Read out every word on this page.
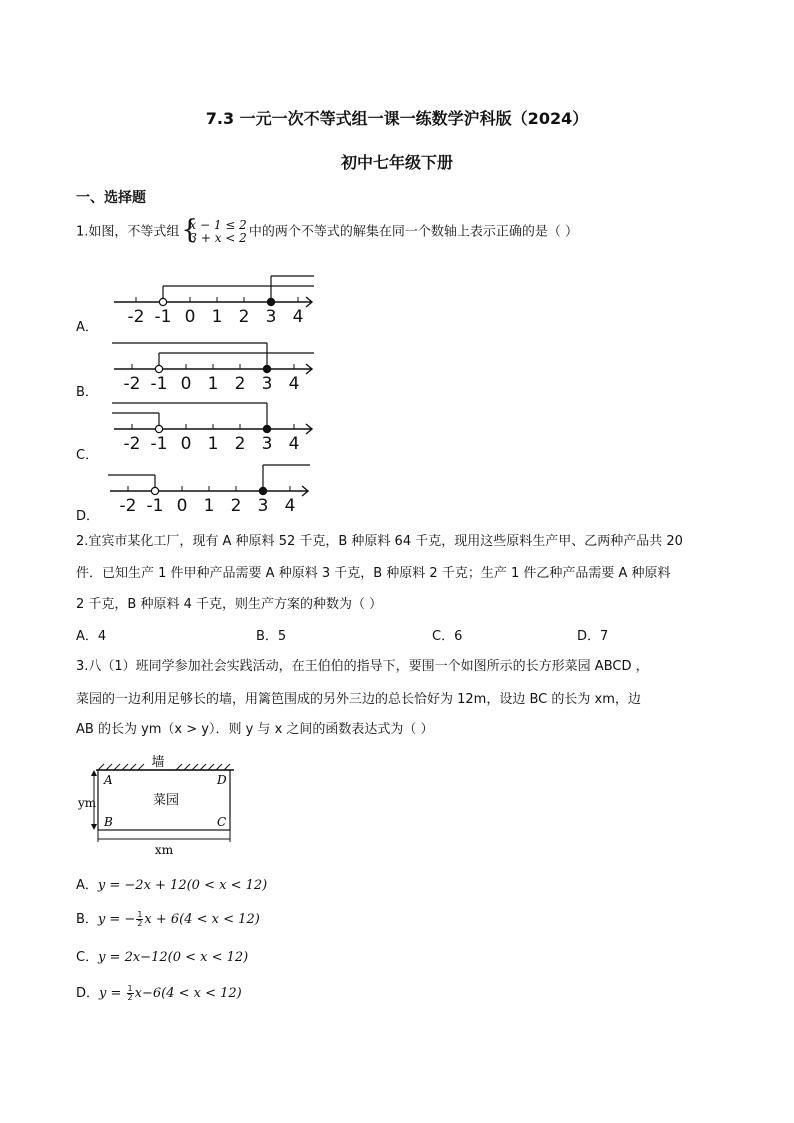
7.3 一元一次不等式组一课一练数学沪科版（2024）
初中七年级下册
一、选择题
1.如图，不等式组 {
x − 1 ≤ 2
3 + x < 2 中的两个不等式的解集在同一个数轴上表示正确的是（ ）
A．
-2 -1 0 1 2 3 4
B． -2 -1 0 1 2 3 4
C．
-2 -1 0 1 2 3 4
D．
-2 -1 0 1 2 3 4
2.宜宾市某化工厂，现有 A 种原料 52 千克，B 种原料 64 千克，现用这些原料生产甲、乙两种产品共 20
件．已知生产 1 件甲种产品需要 A 种原料 3 千克，B 种原料 2 千克；生产 1 件乙种产品需要 A 种原料
2 千克，B 种原料 4 千克，则生产方案的种数为（ ）
A．4	B．5	C．6	D．7
3.八（1）班同学参加社会实践活动，在王伯伯的指导下，要围一个如图所示的长方形菜园 ABCD ，
菜园的一边利用足够长的墙，用篱笆围成的另外三边的总长恰好为 12m，设边 BC 的长为 xm，边
AB 的长为 ym（x > y）．则 y 与 x 之间的函数表达式为（ ）
墙
A	D
B	C
菜园
ym
xm
A．y = −2x + 12(0 < x < 12)
B．y = − $\frac{1}{2}$ x + 6(4 < x < 12)
C．y = 2x−12(0 < x < 12)
D．$y = \frac{1}{2} x-6(4 < x < 12)$
